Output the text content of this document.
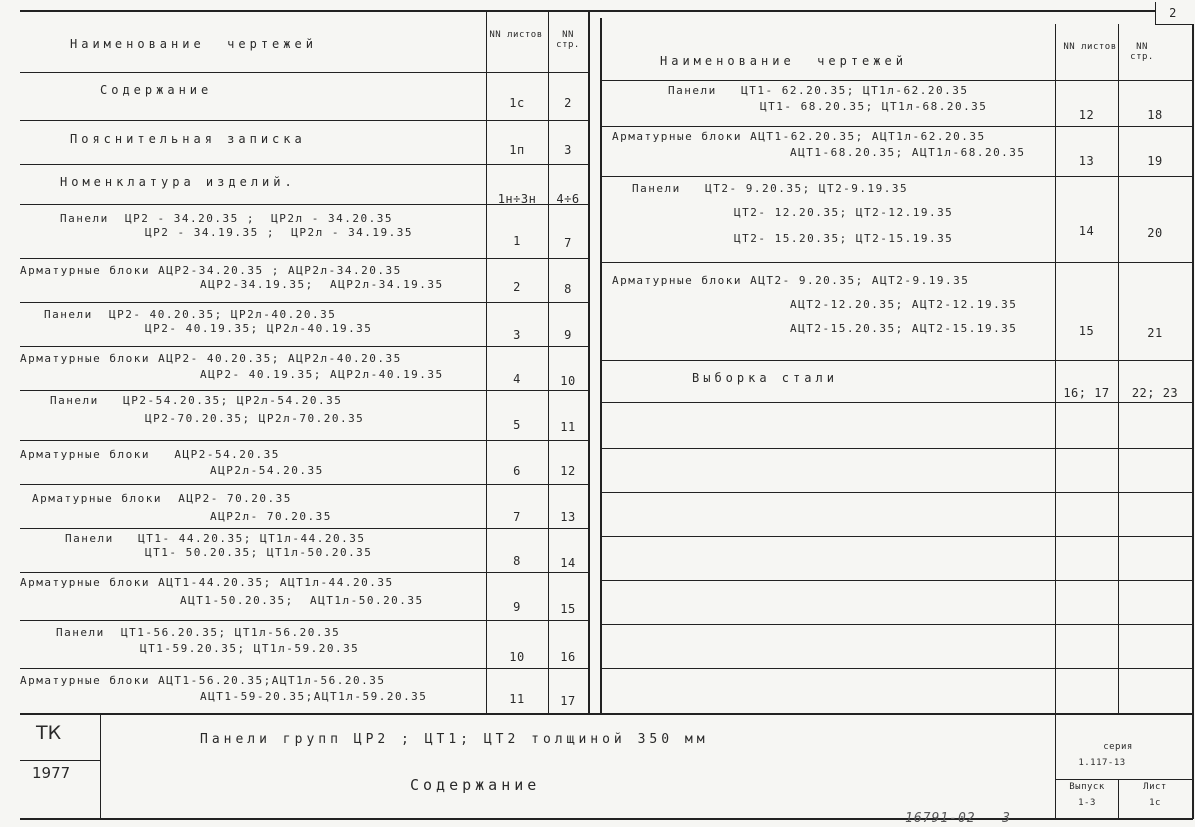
2
Наименование  чертежей
NN листов	NN стр.
Наименование  чертежей
NN листов	NN стр.
Содержание
1с	2
Пояснительная записка
1п	3
Номенклатура изделий.
1н÷3н	4÷6
Панели  ЦР2 - 34.20.35 ;  ЦР2л - 34.20.35
ЦР2 - 34.19.35 ;  ЦР2л - 34.19.35
1	7
Арматурные блоки АЦР2-34.20.35 ; АЦР2л-34.20.35
АЦР2-34.19.35;  АЦР2л-34.19.35	2	8
Панели  ЦР2- 40.20.35; ЦР2л-40.20.35
ЦР2- 40.19.35; ЦР2л-40.19.35	3	9
Арматурные блоки АЦР2- 40.20.35; АЦР2л-40.20.35
АЦР2- 40.19.35; АЦР2л-40.19.35	4	10
Панели   ЦР2-54.20.35; ЦР2л-54.20.35
ЦР2-70.20.35; ЦР2л-70.20.35	5	11
Арматурные блоки   АЦР2-54.20.35
АЦР2л-54.20.35	6	12
Арматурные блоки  АЦР2- 70.20.35
АЦР2л- 70.20.35	7	13
Панели   ЦТ1- 44.20.35; ЦТ1л-44.20.35
ЦТ1- 50.20.35; ЦТ1л-50.20.35
8	14
Арматурные блоки АЦТ1-44.20.35; АЦТ1л-44.20.35
АЦТ1-50.20.35;  АЦТ1л-50.20.35	9	15
Панели  ЦТ1-56.20.35; ЦТ1л-56.20.35
ЦТ1-59.20.35; ЦТ1л-59.20.35
10	16
Арматурные блоки АЦТ1-56.20.35;АЦТ1л-56.20.35
АЦТ1-59-20.35;АЦТ1л-59.20.35	11	17
Панели   ЦТ1- 62.20.35; ЦТ1л-62.20.35
ЦТ1- 68.20.35; ЦТ1л-68.20.35
12	18
Арматурные блоки АЦТ1-62.20.35; АЦТ1л-62.20.35
АЦТ1-68.20.35; АЦТ1л-68.20.35
13	19
Панели   ЦТ2- 9.20.35; ЦТ2-9.19.35
ЦТ2- 12.20.35; ЦТ2-12.19.35
ЦТ2- 15.20.35; ЦТ2-15.19.35
14	20
Арматурные блоки АЦТ2- 9.20.35; АЦТ2-9.19.35
АЦТ2-12.20.35; АЦТ2-12.19.35
АЦТ2-15.20.35; АЦТ2-15.19.35	15	21
Выборка стали
16; 17	22; 23
ТК
1977
Панели групп ЦР2 ; ЦТ1; ЦТ2 толщиной 350 мм
Содержание
серия
1.117-13
Выпуск
1-3
Лист
1с
16791-02   3
